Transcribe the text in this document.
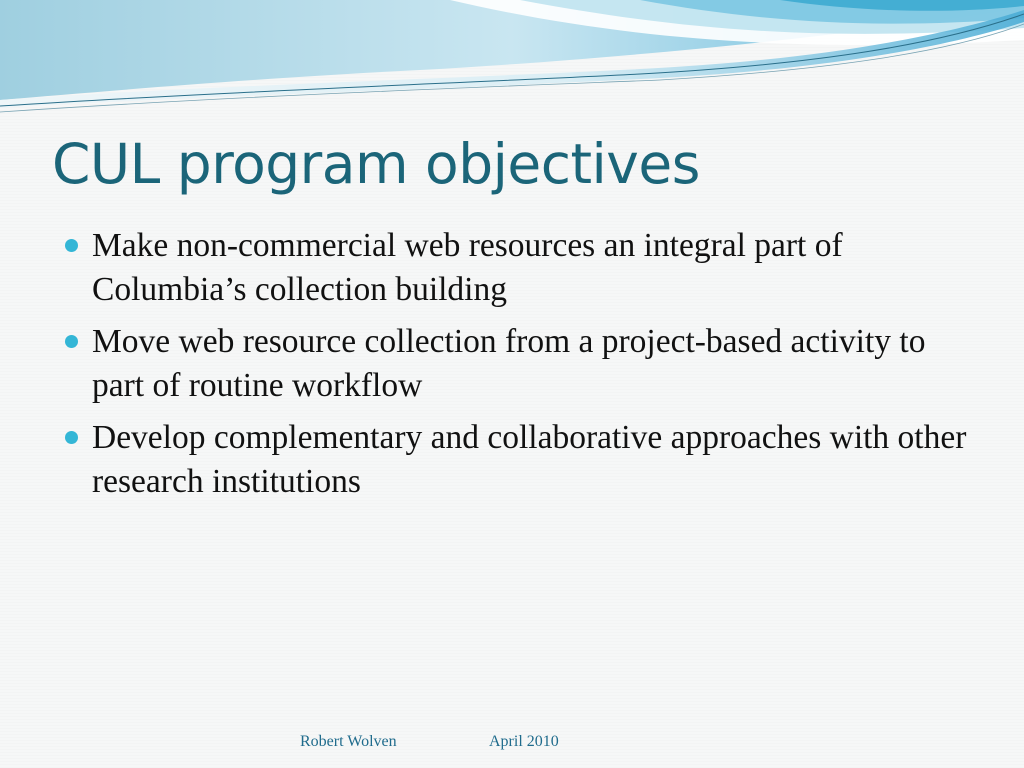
CUL program objectives
Make non-commercial web resources an integral part of Columbia’s collection building
Move web resource collection from a project-based activity to part of routine workflow
Develop complementary and collaborative approaches with other research institutions
Robert Wolven	April 2010
